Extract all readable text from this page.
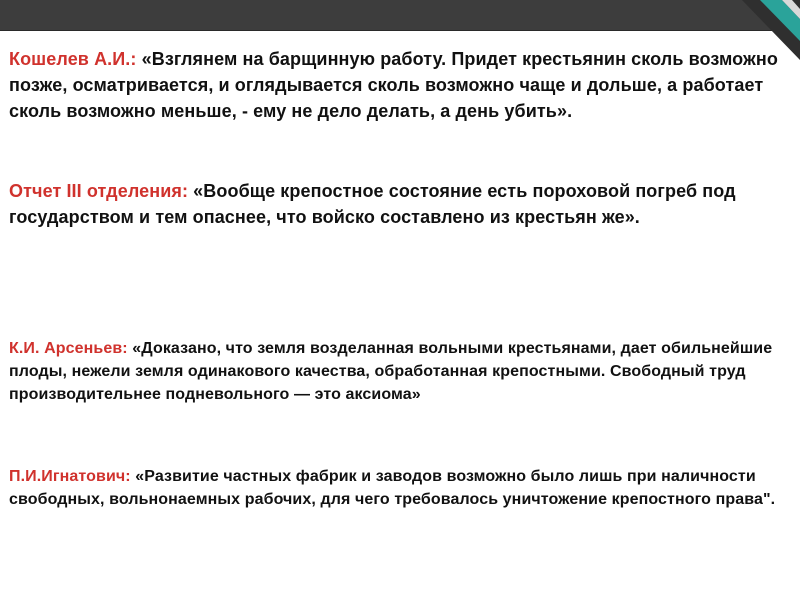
Кошелев А.И.: «Взглянем на барщинную работу. Придет крестьянин сколь возможно позже, осматривается, и оглядывается сколь возможно чаще и дольше, а работает сколь возможно меньше, - ему не дело делать, а день убить».

Отчет III отделения: «Вообще крепостное состояние есть пороховой погреб под государством и тем опаснее, что войско составлено из крестьян же».

К.И. Арсеньев: «Доказано, что земля возделанная вольными крестьянами, дает обильнейшие плоды, нежели земля одинакового качества, обработанная крепостными. Свободный труд производительнее подневольного — это аксиома»

П.И.Игнатович: «Развитие частных фабрик и заводов возможно было лишь при наличности свободных, вольнонаемных рабочих, для чего требовалось уничтожение крепостного права".
